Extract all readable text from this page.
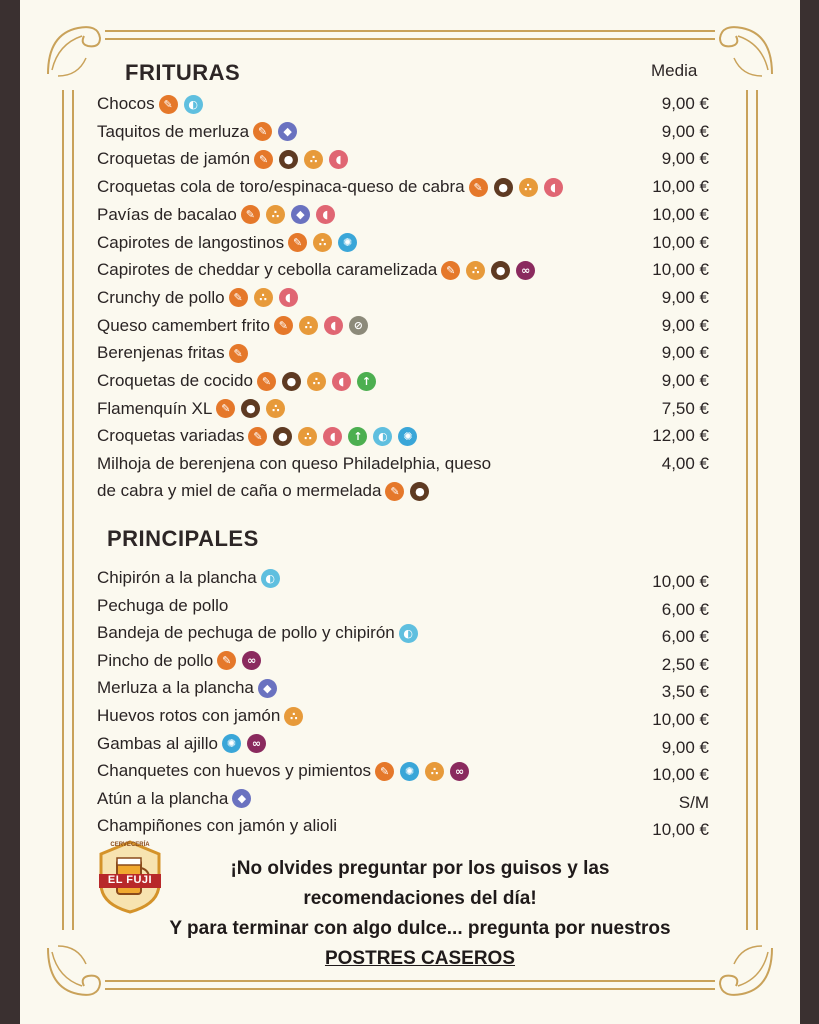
FRITURAS	Media
Chocos ✎	◐	9,00 €
Taquitos de merluza ✎	◆	9,00 €
Croquetas de jamón ✎	●	∴	◖	9,00 €
Croquetas cola de toro/espinaca-queso de cabra ✎	●	∴	◖	10,00 €
Pavías de bacalao ✎	∴	◆	◖	10,00 €
Capirotes de langostinos ✎	∴	✺	10,00 €
Capirotes de cheddar y cebolla caramelizada ✎	∴	●	∞	10,00 €
Crunchy de pollo ✎	∴	◖	9,00 €
Queso camembert frito ✎	∴	◖	⊘	9,00 €
Berenjenas fritas ✎	9,00 €
Croquetas de cocido ✎	●	∴	◖	↑	9,00 €
Flamenquín XL ✎	●	∴	7,50 €
Croquetas variadas ✎	●	∴	◖	↑	◐	✺	12,00 €
Milhoja de berenjena con queso Philadelphia, queso	4,00 €
de cabra y miel de caña o mermelada ✎	●
PRINCIPALES
Chipirón a la plancha ◐	10,00 €
Pechuga de pollo	6,00 €
Bandeja de pechuga de pollo y chipirón ◐	6,00 €
Pincho de pollo ✎	∞	2,50 €
Merluza a la plancha ◆	3,50 €
Huevos rotos con jamón ∴	10,00 €
Gambas al ajillo ✺	∞	9,00 €
Chanquetes con huevos y pimientos ✎	✺	∴	∞	10,00 €
Atún a la plancha ◆	S/M
Champiñones con jamón y alioli	10,00 €
CERVECERÍA
EL FUJI
¡No olvides preguntar por los guisos y las
recomendaciones del día!
Y para terminar con algo dulce... pregunta por nuestros
POSTRES CASEROS
